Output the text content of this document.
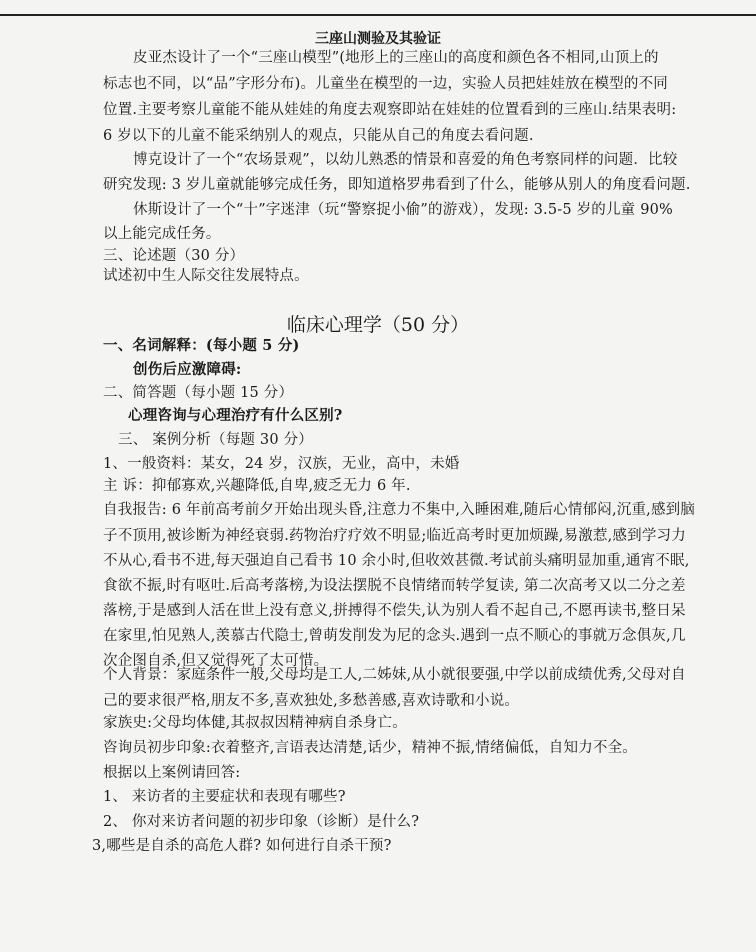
三座山测验及其验证
皮亚杰设计了一个“三座山模型”(地形上的三座山的高度和颜色各不相同,山顶上的
标志也不同，以“品”字形分布)。儿童坐在模型的一边，实验人员把娃娃放在模型的不同
位置.主要考察儿童能不能从娃娃的角度去观察即站在娃娃的位置看到的三座山.结果表明:
6 岁以下的儿童不能采纳别人的观点，只能从自己的角度去看问题.
博克设计了一个“农场景观”，以幼儿熟悉的情景和喜爱的角色考察同样的问题．比较
研究发现: 3 岁儿童就能够完成任务，即知道格罗弗看到了什么，能够从别人的角度看问题.
休斯设计了一个“十”字迷津（玩“警察捉小偷”的游戏），发现: 3.5-5 岁的儿童 90%
以上能完成任务。
三、论述题（30 分）
试述初中生人际交往发展特点。
临床心理学（50 分）
一、名词解释：(每小题 5 分)
创伤后应激障碍:
二、简答题（每小题 15 分）
心理咨询与心理治疗有什么区别?
三、 案例分析（每题 30 分）
1、一般资料：某女，24 岁，汉族，无业，高中，未婚
主 诉：抑郁寡欢,兴趣降低,自卑,疲乏无力 6 年.
自我报告: 6 年前高考前夕开始出现头昏,注意力不集中,入睡困难,随后心情郁闷,沉重,感到脑
子不顶用,被诊断为神经衰弱.药物治疗疗效不明显;临近高考时更加烦躁,易激惹,感到学习力
不从心,看书不进,每天强迫自己看书 10 余小时,但收效甚微.考试前头痛明显加重,通宵不眠,
食欲不振,时有呕吐.后高考落榜,为设法摆脱不良情绪而转学复读, 第二次高考又以二分之差
落榜,于是感到人活在世上没有意义,拼搏得不偿失,认为别人看不起自己,不愿再读书,整日呆
在家里,怕见熟人,羡慕古代隐士,曾萌发削发为尼的念头.遇到一点不顺心的事就万念俱灰,几
次企图自杀,但又觉得死了太可惜。
个人背景：家庭条件一般,父母均是工人,二姊妹,从小就很要强,中学以前成绩优秀,父母对自
己的要求很严格,朋友不多,喜欢独处,多愁善感,喜欢诗歌和小说。
家族史:父母均体健,其叔叔因精神病自杀身亡。
咨询员初步印象:衣着整齐,言语表达清楚,话少，精神不振,情绪偏低，自知力不全。
根据以上案例请回答:
1、 来访者的主要症状和表现有哪些?
2、 你对来访者问题的初步印象（诊断）是什么?
3,哪些是自杀的高危人群? 如何进行自杀干预?
